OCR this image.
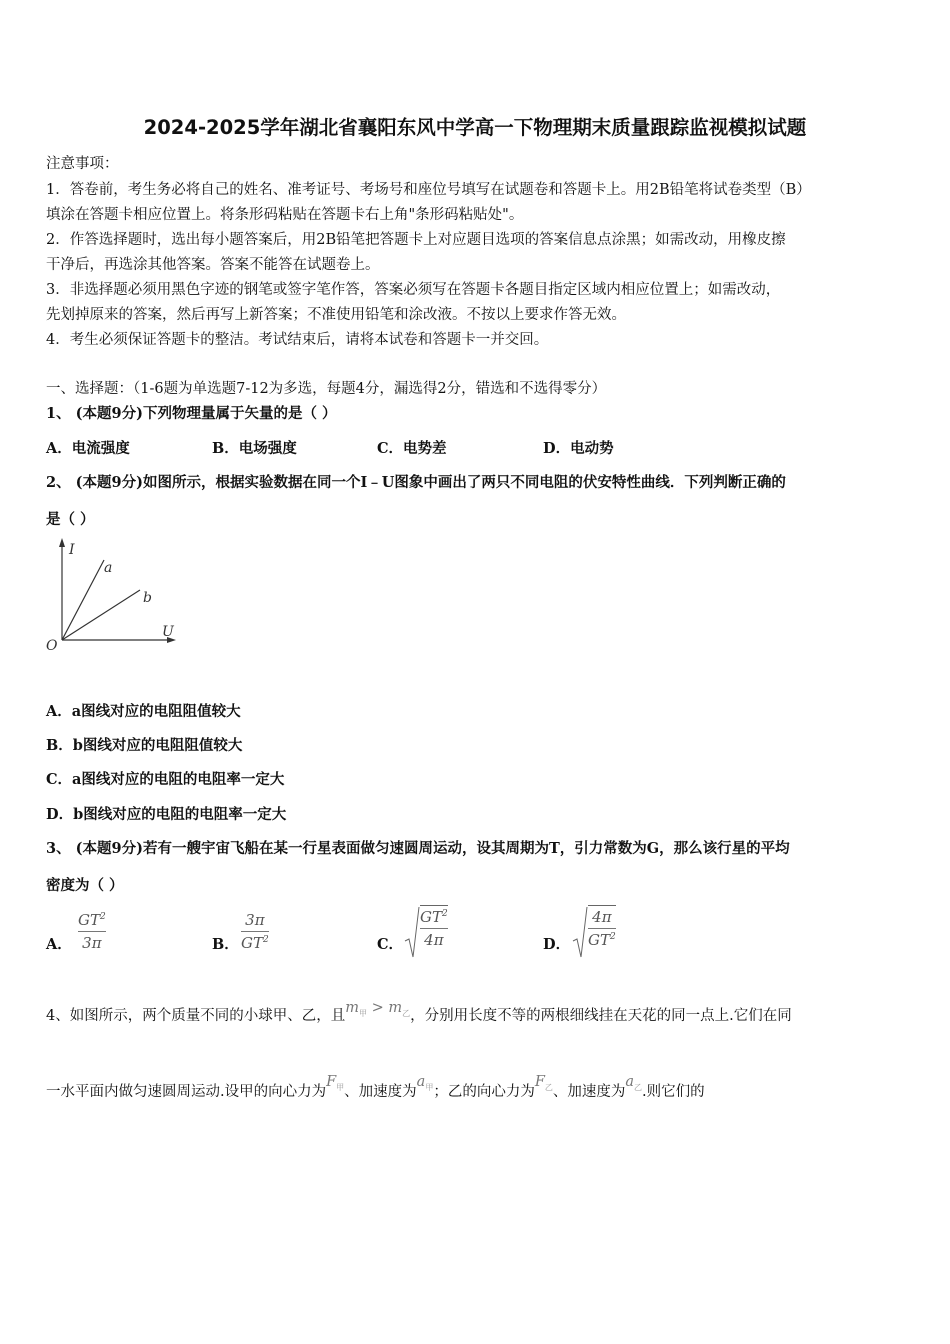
2024-2025学年湖北省襄阳东风中学高一下物理期末质量跟踪监视模拟试题
注意事项：
1．答卷前，考生务必将自己的姓名、准考证号、考场号和座位号填写在试题卷和答题卡上。用2B铅笔将试卷类型（B）
填涂在答题卡相应位置上。将条形码粘贴在答题卡右上角"条形码粘贴处"。
2．作答选择题时，选出每小题答案后，用2B铅笔把答题卡上对应题目选项的答案信息点涂黑；如需改动，用橡皮擦
干净后，再选涂其他答案。答案不能答在试题卷上。
3．非选择题必须用黑色字迹的钢笔或签字笔作答，答案必须写在答题卡各题目指定区域内相应位置上；如需改动，
先划掉原来的答案，然后再写上新答案；不准使用铅笔和涂改液。不按以上要求作答无效。
4．考生必须保证答题卡的整洁。考试结束后，请将本试卷和答题卡一并交回。
一、选择题：（1-6题为单选题7-12为多选，每题4分，漏选得2分，错选和不选得零分）
1、 (本题9分)下列物理量属于矢量的是（ ）
A．电流强度	B．电场强度	C．电势差	D．电动势
2、 (本题9分)如图所示，根据实验数据在同一个I﹣U图象中画出了两只不同电阻的伏安特性曲线．下列判断正确的
是（ ）
I
U
O
a
b
A．a图线对应的电阻阻值较大
B．b图线对应的电阻阻值较大
C．a图线对应的电阻的电阻率一定大
D．b图线对应的电阻的电阻率一定大
3、 (本题9分)若有一艘宇宙飞船在某一行星表面做匀速圆周运动，设其周期为T，引力常数为G，那么该行星的平均
密度为（ ）
A．
$GT^2$
3π	B．
3π
$GT^2$	C．
$GT^2$
4π	D．
4π
$GT^2$
4、如图所示，两个质量不同的小球甲、乙，且$m_甲 > m_乙$，分别用长度不等的两根细线挂在天花的同一点上.它们在同
一水平面内做匀速圆周运动.设甲的向心力为$F_甲$、加速度为$a_甲$；乙的向心力为$F_乙$、加速度为$a_乙$.则它们的
